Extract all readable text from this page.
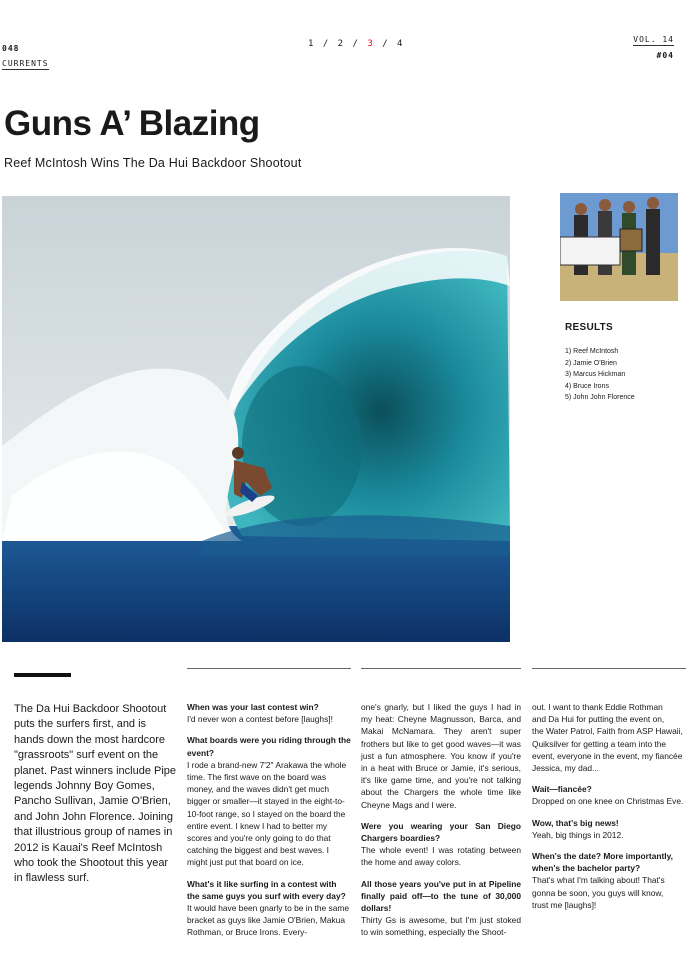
048
CURRENTS
1 / 2 / 3 / 4	VOL. 14
#04
Guns A’ Blazing
Reef McIntosh Wins The Da Hui Backdoor Shootout
RESULTS
1) Reef McIntosh
2) Jamie O'Brien
3) Marcus Hickman
4) Bruce Irons
5) John John Florence

The Da Hui Backdoor Shootout puts the surfers first, and is hands down the most hardcore "grassroots" surf event on the planet. Past winners include Pipe legends Johnny Boy Gomes, Pancho Sullivan, Jamie O'Brien, and John John Florence. Joining that illustrious group of names in 2012 is Kauai's Reef McIntosh who took the Shootout this year in flawless surf.

When was your last contest win?

I'd never won a contest before [laughs]!

What boards were you riding through the event?

I rode a brand-new 7'2" Arakawa the whole time. The first wave on the board was money, and the waves didn't get much bigger or smaller—it stayed in the eight-to-10-foot range, so I stayed on the board the entire event. I knew I had to better my scores and you're only going to do that catching the biggest and best waves. I might just put that board on ice.

What's it like surfing in a contest with the same guys you surf with every day?

It would have been gnarly to be in the same bracket as guys like Jamie O'Brien, Makua Rothman, or Bruce Irons. Every-

one's gnarly, but I liked the guys I had in my heat: Cheyne Magnusson, Barca, and Makai McNamara. They aren't super frothers but like to get good waves—it was just a fun atmosphere. You know if you're in a heat with Bruce or Jamie, it's serious, it's like game time, and you're not talking about the Chargers the whole time like Cheyne Mags and I were.

Were you wearing your San Diego Chargers boardies?

The whole event! I was rotating between the home and away colors.

All those years you've put in at Pipeline finally paid off—to the tune of 30,000 dollars!

Thirty Gs is awesome, but I'm just stoked to win something, especially the Shoot-

out. I want to thank Eddie Rothman
and Da Hui for putting the event on,
the Water Patrol, Faith from ASP Hawaii,
Quiksilver for getting a team into the
event, everyone in the event, my fiancée
Jessica, my dad...

Wait—fiancée?

Dropped on one knee on Christmas Eve.

Wow, that's big news!

Yeah, big things in 2012.

When's the date? More importantly,
when's the bachelor party?
That's what I'm talking about! That's
gonna be soon, you guys will know,
trust me [laughs]!
